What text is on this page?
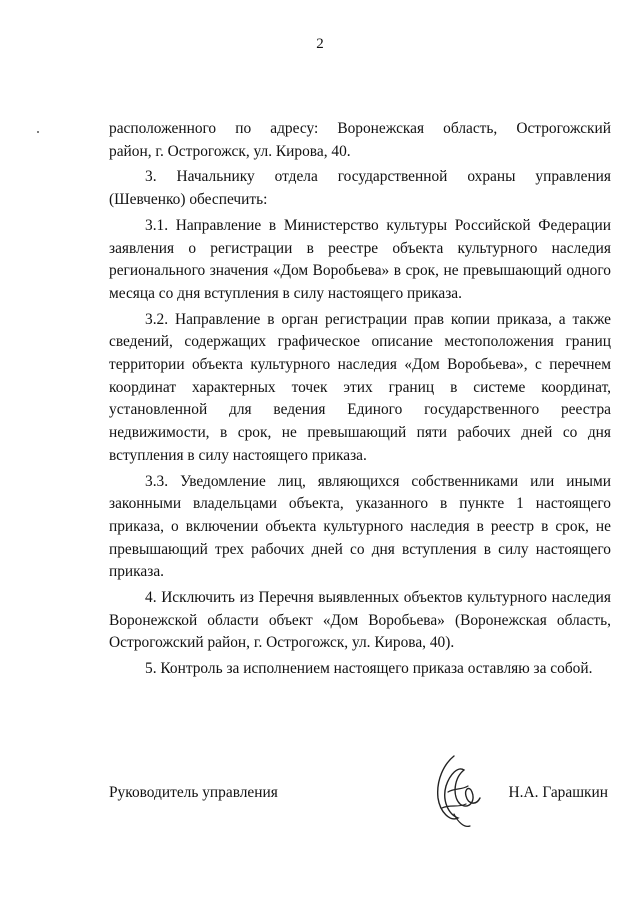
2

расположенного по адресу: Воронежская область, Острогожский

район, г. Острогожск, ул. Кирова, 40.

3. Начальнику отдела государственной охраны управления

(Шевченко) обеспечить:

3.1. Направление в Министерство культуры Российской Федерации заявления о регистрации в реестре объекта культурного наследия регионального значения «Дом Воробьева» в срок, не превышающий одного месяца со дня вступления в силу настоящего приказа.

3.2. Направление в орган регистрации прав копии приказа, а также сведений, содержащих графическое описание местоположения границ территории объекта культурного наследия «Дом Воробьева», с перечнем координат характерных точек этих границ в системе координат, установленной для ведения Единого государственного реестра недвижимости, в срок, не превышающий пяти рабочих дней со дня вступления в силу настоящего приказа.

3.3. Уведомление лиц, являющихся собственниками или иными законными владельцами объекта, указанного в пункте 1 настоящего приказа, о включении объекта культурного наследия в реестр в срок, не превышающий трех рабочих дней со дня вступления в силу настоящего приказа.

4. Исключить из Перечня выявленных объектов культурного наследия Воронежской области объект «Дом Воробьева» (Воронежская область, Острогожский район, г. Острогожск, ул. Кирова, 40).

5. Контроль за исполнением настоящего приказа оставляю за собой.

Руководитель управления	Н.А. Гарашкин
